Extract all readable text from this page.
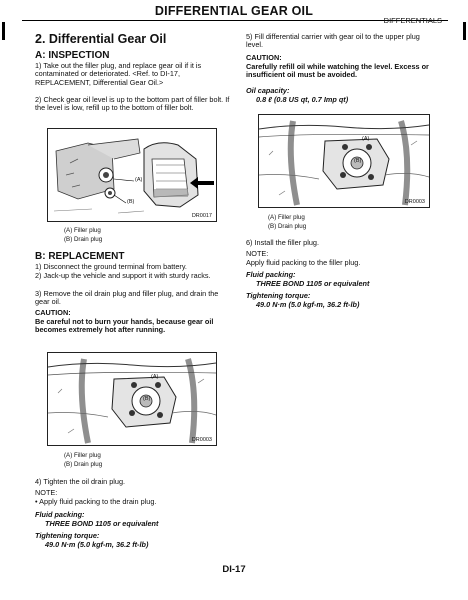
DIFFERENTIAL GEAR OIL
DIFFERENTIALS
2. Differential Gear Oil
A: INSPECTION
1) Take out the filler plug, and replace gear oil if it is contaminated or deteriorated. <Ref. to DI-17, REPLACEMENT, Differential Gear Oil.>
2) Check gear oil level is up to the bottom part of filler bolt. If the level is low, refill up to the bottom of filler bolt.
(A)
(B)
DR0017
(A) Filler plug
(B) Drain plug
B: REPLACEMENT
1) Disconnect the ground terminal from battery.
2) Jack-up the vehicle and support it with sturdy racks.
3) Remove the oil drain plug and filler plug, and drain the gear oil.
CAUTION:
Be careful not to burn your hands, because gear oil becomes extremely hot after running.
(A)
(B)
DR0003
(A) Filler plug
(B) Drain plug
4) Tighten the oil drain plug.
NOTE:
• Apply fluid packing to the drain plug.
Fluid packing:
THREE BOND 1105 or equivalent
Tightening torque:
49.0 N·m (5.0 kgf-m, 36.2 ft-lb)
5) Fill differential carrier with gear oil to the upper plug level.
CAUTION:
Carefully refill oil while watching the level. Excess or insufficient oil must be avoided.
Oil capacity:
0.8 ℓ (0.8 US qt, 0.7 Imp qt)
(A)
(B)
DR0003
(A) Filler plug
(B) Drain plug
6) Install the filler plug.
NOTE:
Apply fluid packing to the filler plug.
Fluid packing:
THREE BOND 1105 or equivalent
Tightening torque:
49.0 N·m (5.0 kgf-m, 36.2 ft-lb)
DI-17
